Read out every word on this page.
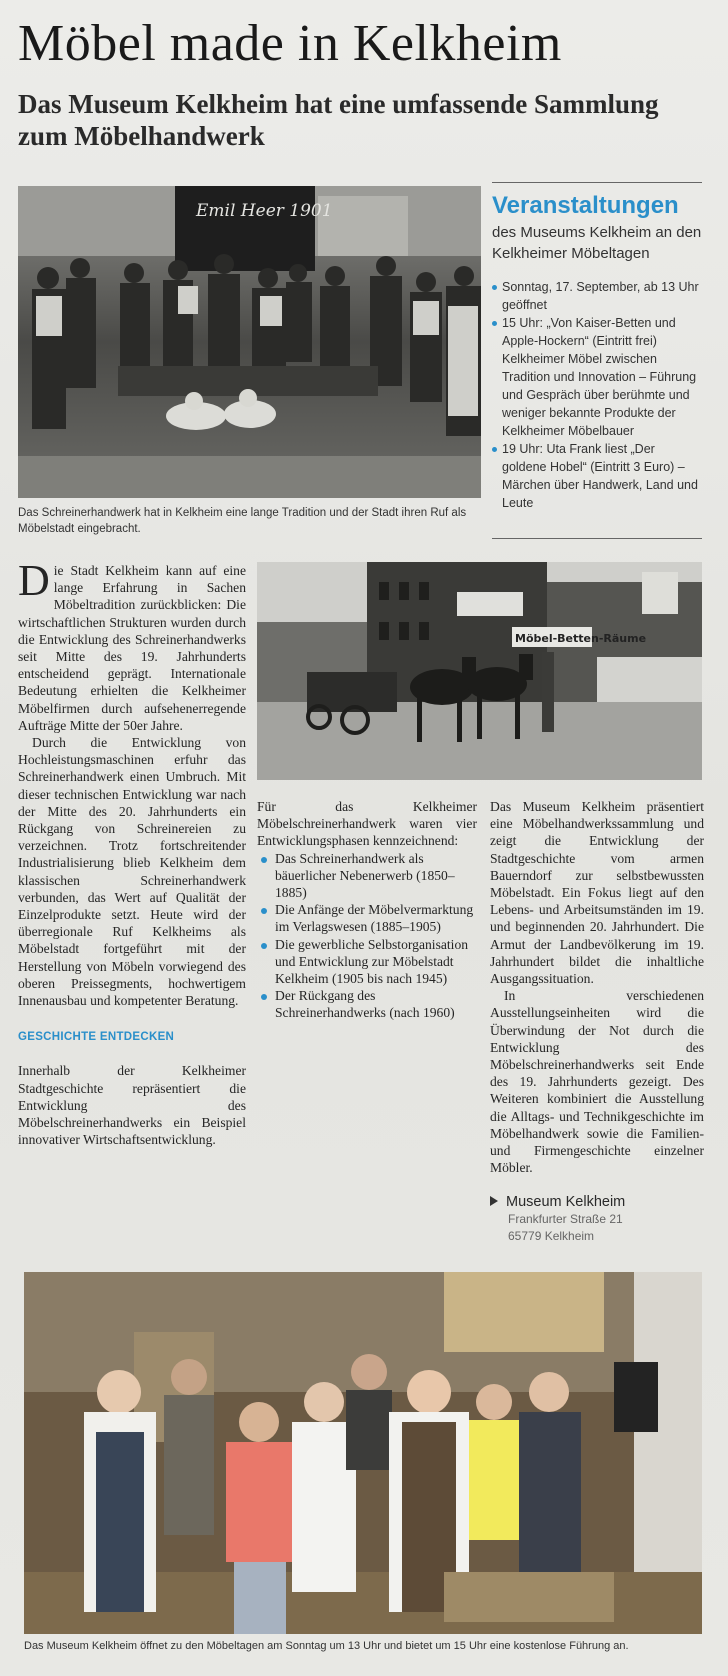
Möbel made in Kelkheim
Das Museum Kelkheim hat eine umfassende Sammlung zum Möbelhandwerk
Emil Heer 1901
Das Schreinerhandwerk hat in Kelkheim eine lange Tradition und der Stadt ihren Ruf als Möbelstadt eingebracht.
Veranstaltungen
des Museums Kelkheim an den Kelkheimer Möbeltagen
Sonntag, 17. September, ab 13 Uhr geöffnet
15 Uhr: „Von Kaiser-Betten und Apple-Hockern“ (Eintritt frei) Kelkheimer Möbel zwischen Tradition und Innovation – Führung und Gespräch über berühmte und weniger bekannte Produkte der Kelkheimer Möbelbauer
19 Uhr: Uta Frank liest „Der goldene Hobel“ (Eintritt 3 Euro) – Märchen über Handwerk, Land und Leute
Möbel-Betten-Räume

Die Stadt Kelkheim kann auf eine lange Erfahrung in Sachen Möbeltradition zurückblicken: Die wirtschaftlichen Strukturen wurden durch die Entwicklung des Schreinerhandwerks seit Mitte des 19. Jahrhunderts entscheidend geprägt. Internationale Bedeutung erhielten die Kelkheimer Möbelfirmen durch aufsehenerregende Aufträge Mitte der 50er Jahre.

Durch die Entwicklung von Hochleistungsmaschinen erfuhr das Schreinerhandwerk einen Umbruch. Mit dieser technischen Entwicklung war nach der Mitte des 20. Jahrhunderts ein Rückgang von Schreinereien zu verzeichnen. Trotz fortschreitender Industrialisierung blieb Kelkheim dem klassischen Schreinerhandwerk verbunden, das Wert auf Qualität der Einzelprodukte setzt. Heute wird der überregionale Ruf Kelkheims als Möbelstadt fortgeführt mit der Herstellung von Möbeln vorwiegend des oberen Preissegments, hochwertigem Innenausbau und kompetenter Beratung.

GESCHICHTE ENTDECKEN

Innerhalb der Kelkheimer Stadtgeschichte repräsentiert die Entwicklung des Möbelschreinerhandwerks ein Beispiel innovativer Wirtschaftsentwicklung.

Für das Kelkheimer Möbelschreinerhandwerk waren vier Entwicklungsphasen kennzeichnend:

Das Schreinerhandwerk als bäuerlicher Nebenerwerb (1850–1885)
Die Anfänge der Möbelvermarktung im Verlagswesen (1885–1905)
Die gewerbliche Selbstorganisation und Entwicklung zur Möbelstadt Kelkheim (1905 bis nach 1945)
Der Rückgang des Schreinerhandwerks (nach 1960)

Das Museum Kelkheim präsentiert eine Möbelhandwerkssammlung und zeigt die Entwicklung der Stadtgeschichte vom armen Bauerndorf zur selbstbewussten Möbelstadt. Ein Fokus liegt auf den Lebens- und Arbeitsumständen im 19. und beginnenden 20. Jahrhundert. Die Armut der Landbevölkerung im 19. Jahrhundert bildet die inhaltliche Ausgangssituation.

In verschiedenen Ausstellungseinheiten wird die Überwindung der Not durch die Entwicklung des Möbelschreinerhandwerks seit Ende des 19. Jahrhunderts gezeigt. Des Weiteren kombiniert die Ausstellung die Alltags- und Technikgeschichte im Möbelhandwerk sowie die Familien- und Firmengeschichte einzelner Möbler.

Museum Kelkheim
Frankfurter Straße 21
65779 Kelkheim
Das Museum Kelkheim öffnet zu den Möbeltagen am Sonntag um 13 Uhr und bietet um 15 Uhr eine kostenlose Führung an.
